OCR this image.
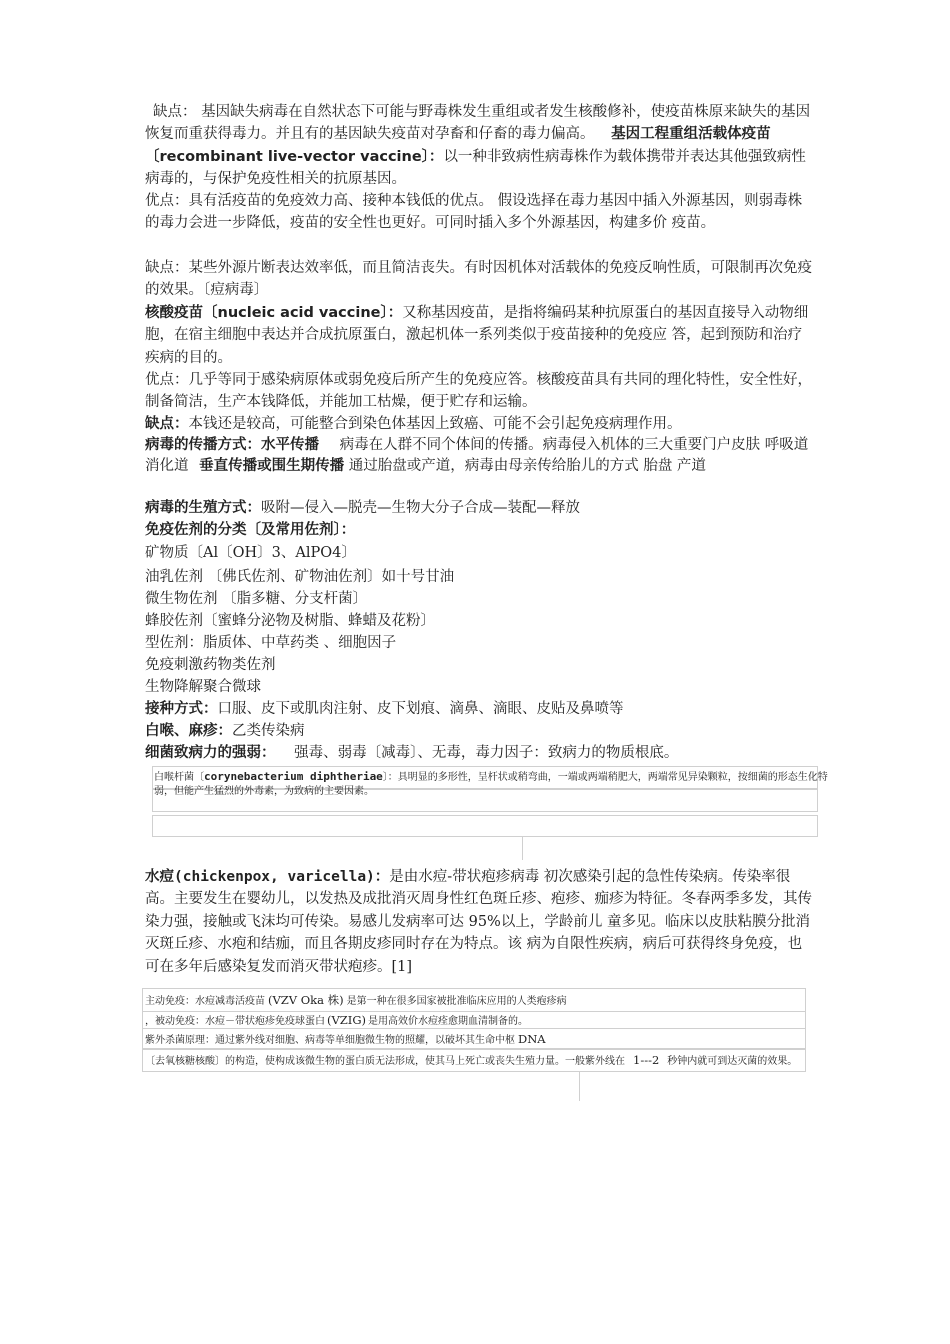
缺点： 基因缺失病毒在自然状态下可能与野毒株发生重组或者发生核酸修补，使疫苗株原来缺失的基因恢复而重获得毒力。并且有的基因缺失疫苗对孕畜和仔畜的毒力偏高。 基因工程重组活载体疫苗〔recombinant live-vector vaccine〕：以一种非致病性病毒株作为载体携带并表达其他强致病性病毒的，与保护免疫性相关的抗原基因。
优点：具有活疫苗的免疫效力高、接种本钱低的优点。 假设选择在毒力基因中插入外源基因，则弱毒株的毒力会进一步降低，疫苗的安全性也更好。可同时插入多个外源基因，构建多价 疫苗。
缺点：某些外源片断表达效率低，而且简洁丧失。有时因机体对活载体的免疫反响性质，可限制再次免疫的效果。〔痘病毒〕
核酸疫苗〔nucleic acid vaccine〕：又称基因疫苗，是指将编码某种抗原蛋白的基因直接导入动物细胞，在宿主细胞中表达并合成抗原蛋白，激起机体一系列类似于疫苗接种的免疫应 答，起到预防和治疗疾病的目的。
优点：几乎等同于感染病原体或弱免疫后所产生的免疫应答。核酸疫苗具有共同的理化特性，安全性好，制备简洁，生产本钱降低，并能加工枯燥，便于贮存和运输。
缺点：本钱还是较高，可能整合到染色体基因上致癌、可能不会引起免疫病理作用。
病毒的传播方式：水平传播 病毒在人群不同个体间的传播。病毒侵入机体的三大重要门户皮肤 呼吸道 消化道 垂直传播或围生期传播 通过胎盘或产道，病毒由母亲传给胎儿的方式 胎盘 产道
病毒的生殖方式：吸附—侵入—脱壳—生物大分子合成—装配—释放
免疫佐剂的分类〔及常用佐剂〕：
矿物质〔Al〔OH〕3、AlPO4〕
油乳佐剂 〔佛氏佐剂、矿物油佐剂〕如十号甘油
微生物佐剂 〔脂多糖、分支杆菌〕
蜂胶佐剂〔蜜蜂分泌物及树脂、蜂蜡及花粉〕
型佐剂：脂质体、中草药类 、细胞因子
免疫刺激药物类佐剂
生物降解聚合微球
接种方式：口服、皮下或肌肉注射、皮下划痕、滴鼻、滴眼、皮贴及鼻喷等
白喉、麻疹：乙类传染病
细菌致病力的强弱： 强毒、弱毒〔减毒〕、无毒，毒力因子：致病力的物质根底。
白喉杆菌〔corynebacterium diphtheriae〕：具明显的多形性，呈杆状或稍弯曲，一端或两端稍肥大，两端常见异染颗粒，按细菌的形态生化特
弱，但能产生猛烈的外毒素，为致病的主要因素。
水痘(chickenpox, varicella)：是由水痘-带状疱疹病毒 初次感染引起的急性传染病。传染率很高。主要发生在婴幼儿，以发热及成批消灭周身性红色斑丘疹、疱疹、痂疹为特征。冬春两季多发，其传染力强，接触或飞沫均可传染。易感儿发病率可达 95%以上，学龄前儿 童多见。临床以皮肤粘膜分批消灭斑丘疹、水疱和结痂，而且各期皮疹同时存在为特点。该 病为自限性疾病，病后可获得终身免疫，也可在多年后感染复发而消灭带状疱疹。[1]
主动免疫：水痘减毒活疫苗 (VZV Oka 株) 是第一种在很多国家被批准临床应用的人类疱疹病
，被动免疫：水痘－带状疱疹免疫球蛋白 (VZIG) 是用高效价水痘痊愈期血清制备的。
紫外杀菌原理：通过紫外线对细胞、病毒等单细胞微生物的照耀，以破坏其生命中枢 DNA
〔去氧核糖核酸〕的构造，使构成该微生物的蛋白质无法形成，使其马上死亡或丧失生殖力量。一般紫外线在 1---2 秒钟内就可到达灭菌的效果。
